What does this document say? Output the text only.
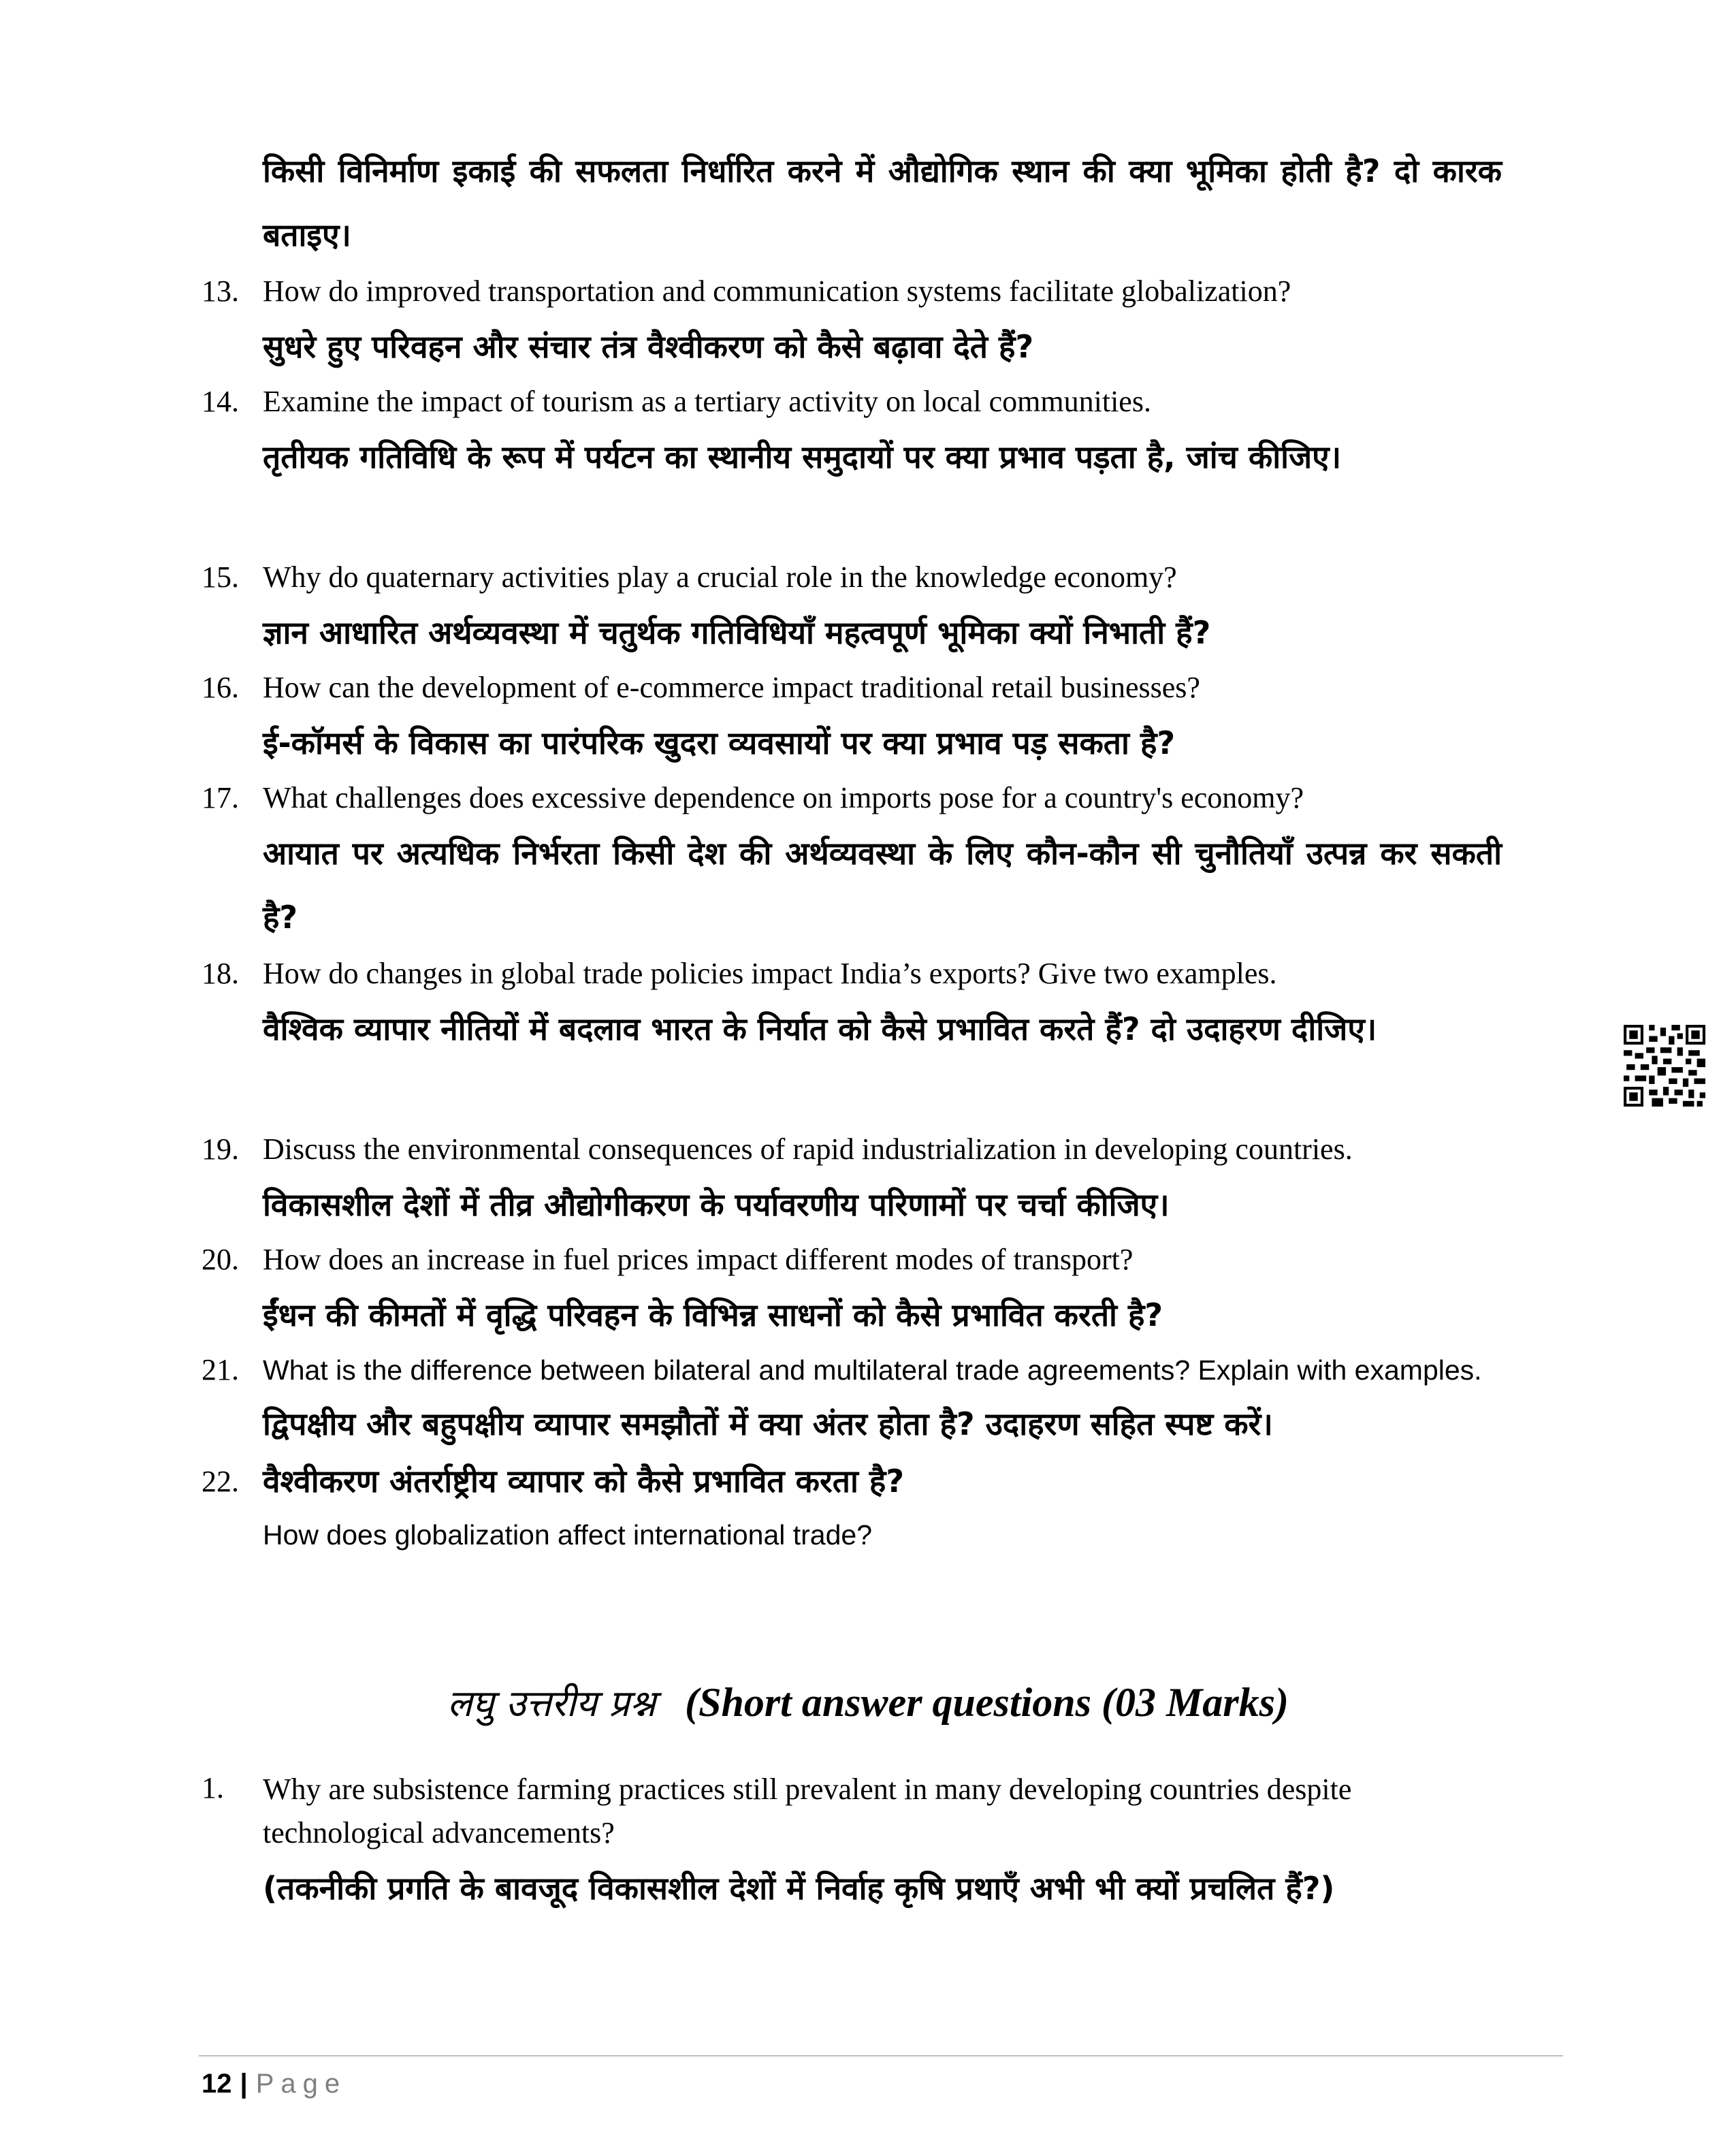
किसी विनिर्माण इकाई की सफलता निर्धारित करने में औद्योगिक स्थान की क्या भूमिका होती है? दो कारक बताइए।
13. How do improved transportation and communication systems facilitate globalization?
सुधरे हुए परिवहन और संचार तंत्र वैश्वीकरण को कैसे बढ़ावा देते हैं?
14. Examine the impact of tourism as a tertiary activity on local communities.
तृतीयक गतिविधि के रूप में पर्यटन का स्थानीय समुदायों पर क्या प्रभाव पड़ता है, जांच कीजिए।
15. Why do quaternary activities play a crucial role in the knowledge economy?
ज्ञान आधारित अर्थव्यवस्था में चतुर्थक गतिविधियाँ महत्वपूर्ण भूमिका क्यों निभाती हैं?
16. How can the development of e-commerce impact traditional retail businesses?
ई-कॉमर्स के विकास का पारंपरिक खुदरा व्यवसायों पर क्या प्रभाव पड़ सकता है?
17. What challenges does excessive dependence on imports pose for a country's economy?
आयात पर अत्यधिक निर्भरता किसी देश की अर्थव्यवस्था के लिए कौन-कौन सी चुनौतियाँ उत्पन्न कर सकती है?
18. How do changes in global trade policies impact India’s exports? Give two examples.
वैश्विक व्यापार नीतियों में बदलाव भारत के निर्यात को कैसे प्रभावित करते हैं? दो उदाहरण दीजिए।
19. Discuss the environmental consequences of rapid industrialization in developing countries.
विकासशील देशों में तीव्र औद्योगीकरण के पर्यावरणीय परिणामों पर चर्चा कीजिए।
20. How does an increase in fuel prices impact different modes of transport?
ईंधन की कीमतों में वृद्धि परिवहन के विभिन्न साधनों को कैसे प्रभावित करती है?
21. What is the difference between bilateral and multilateral trade agreements? Explain with examples.
द्विपक्षीय और बहुपक्षीय व्यापार समझौतों में क्या अंतर होता है? उदाहरण सहित स्पष्ट करें।
22. वैश्वीकरण अंतर्राष्ट्रीय व्यापार को कैसे प्रभावित करता है?
How does globalization affect international trade?
लघु उत्तरीय प्रश्न (Short answer questions (03 Marks)
1. Why are subsistence farming practices still prevalent in many developing countries despite technological advancements?
(तकनीकी प्रगति के बावजूद विकासशील देशों में निर्वाह कृषि प्रथाएँ अभी भी क्यों प्रचलित हैं?)
12 | Page
